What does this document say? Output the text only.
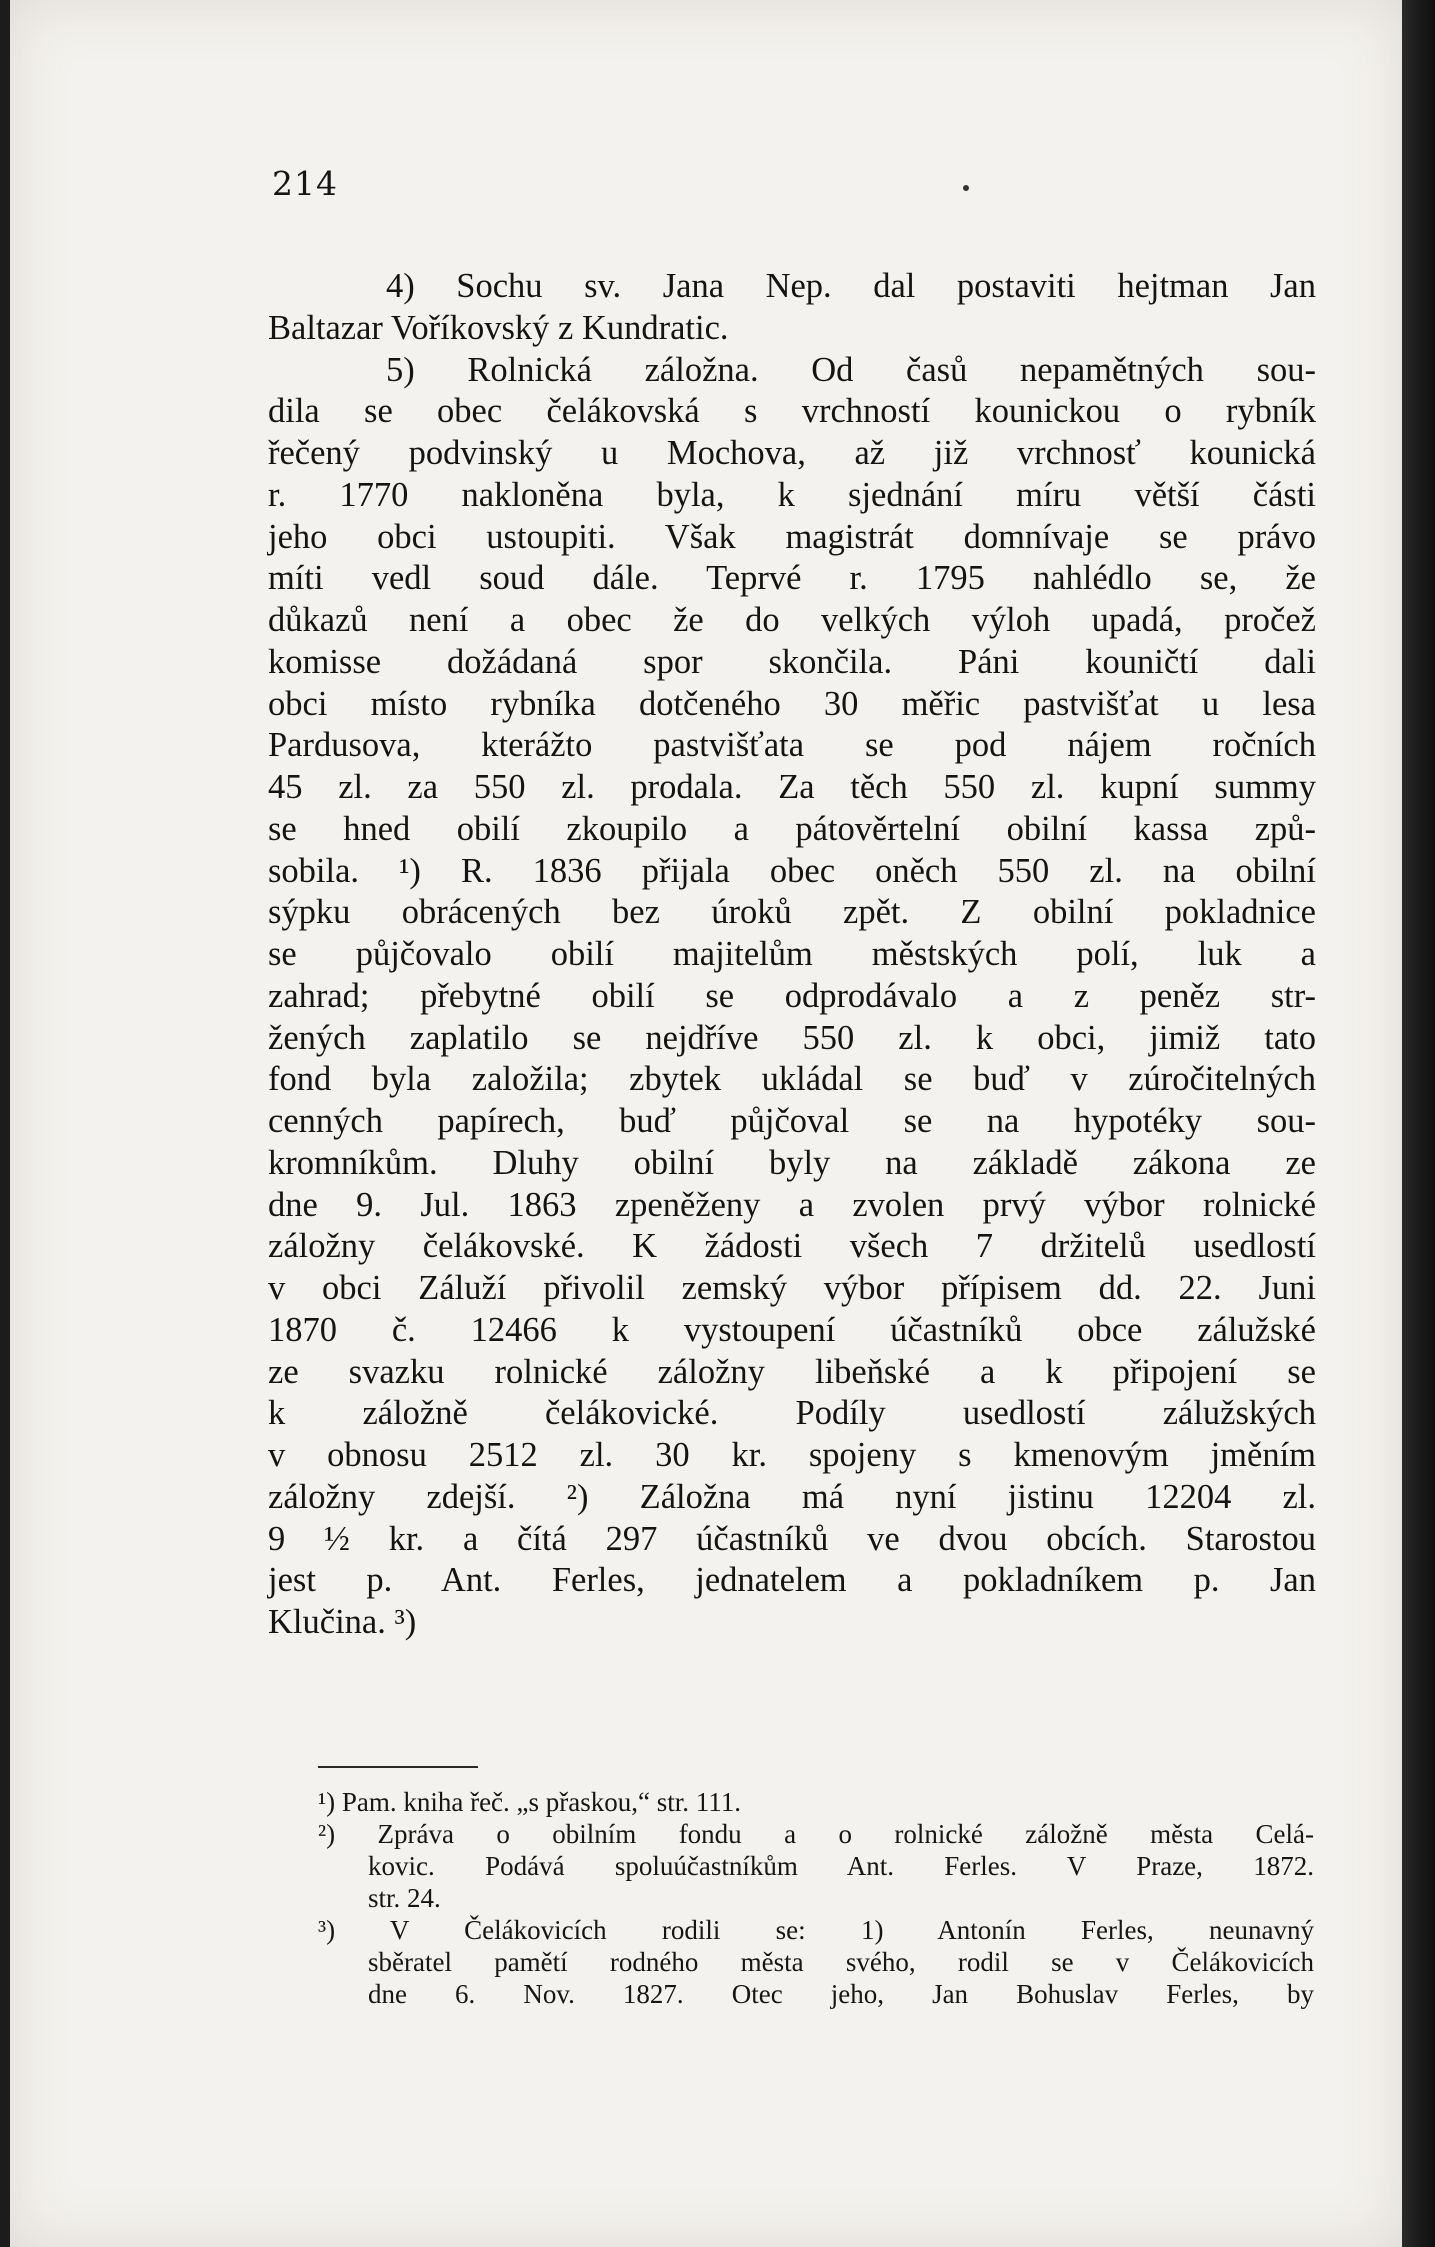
214
4) Sochu sv. Jana Nep. dal postaviti hejtman Jan
Baltazar Voříkovský z Kundratic.
5) Rolnická záložna. Od časů nepamětných sou-
dila se obec čelákovská s vrchností kounickou o rybník
řečený podvinský u Mochova, až již vrchnosť kounická
r. 1770 nakloněna byla, k sjednání míru větší části
jeho obci ustoupiti. Však magistrát domnívaje se právo
míti vedl soud dále. Teprvé r. 1795 nahlédlo se, že
důkazů není a obec že do velkých výloh upadá, pročež
komisse dožádaná spor skončila. Páni kouničtí dali
obci místo rybníka dotčeného 30 měřic pastvišťat u lesa
Pardusova, kterážto pastvišťata se pod nájem ročních
45 zl. za 550 zl. prodala. Za těch 550 zl. kupní summy
se hned obilí zkoupilo a pátověrtelní obilní kassa způ-
sobila. ¹) R. 1836 přijala obec oněch 550 zl. na obilní
sýpku obrácených bez úroků zpět. Z obilní pokladnice
se půjčovalo obilí majitelům městských polí, luk a
zahrad; přebytné obilí se odprodávalo a z peněz str-
žených zaplatilo se nejdříve 550 zl. k obci, jimiž tato
fond byla založila; zbytek ukládal se buď v zúročitelných
cenných papírech, buď půjčoval se na hypotéky sou-
kromníkům. Dluhy obilní byly na základě zákona ze
dne 9. Jul. 1863 zpeněženy a zvolen prvý výbor rolnické
záložny čelákovské. K žádosti všech 7 držitelů usedlostí
v obci Záluží přivolil zemský výbor přípisem dd. 22. Juni
1870 č. 12466 k vystoupení účastníků obce zálužské
ze svazku rolnické záložny libeňské a k připojení se
k záložně čelákovické. Podíly usedlostí zálužských
v obnosu 2512 zl. 30 kr. spojeny s kmenovým jměním
záložny zdejší. ²) Záložna má nyní jistinu 12204 zl.
9 ½ kr. a čítá 297 účastníků ve dvou obcích. Starostou
jest p. Ant. Ferles, jednatelem a pokladníkem p. Jan
Klučina. ³)
¹) Pam. kniha řeč. „s přaskou,“ str. 111.
²) Zpráva o obilním fondu a o rolnické záložně města Celá-
kovic. Podává spoluúčastníkům Ant. Ferles. V Praze, 1872.
str. 24.
³) V Čelákovicích rodili se: 1) Antonín Ferles, neunavný
sběratel pamětí rodného města svého, rodil se v Čelákovicích
dne 6. Nov. 1827. Otec jeho, Jan Bohuslav Ferles, by
